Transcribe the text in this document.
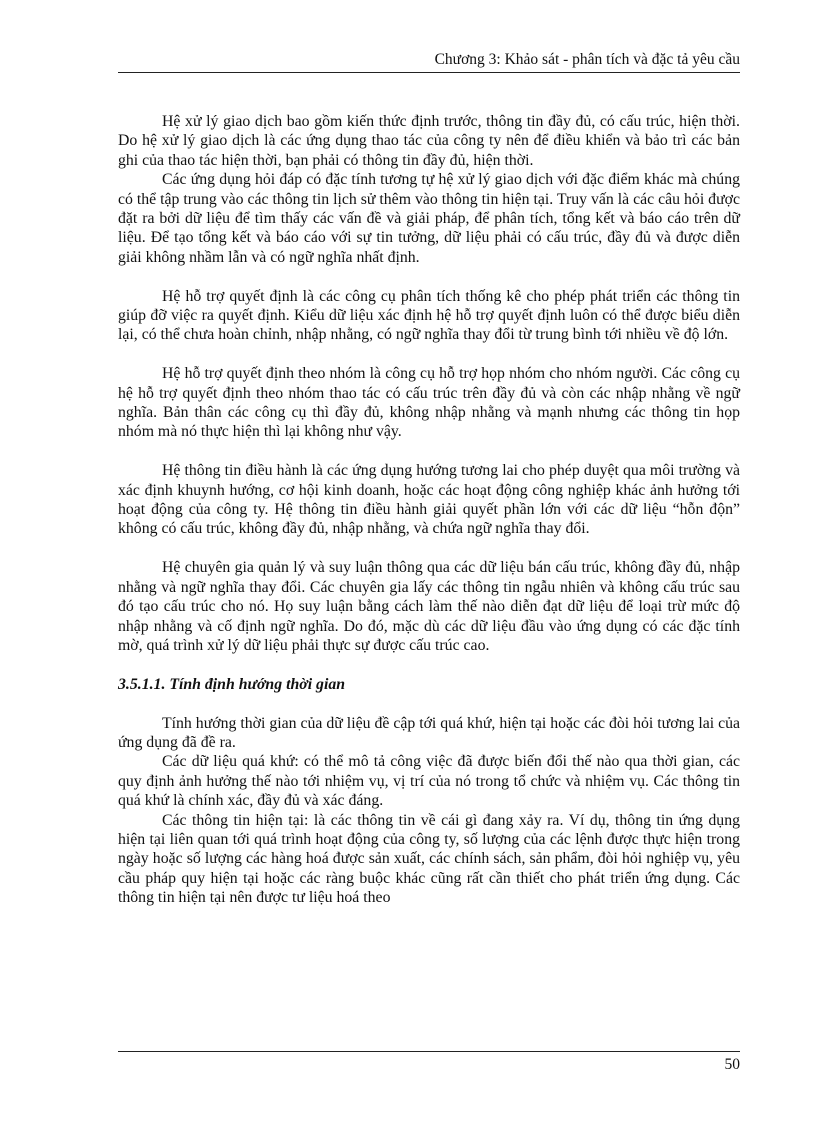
Chương 3: Khảo sát - phân tích và đặc tả yêu cầu

Hệ xử lý giao dịch bao gồm kiến thức định trước, thông tin đầy đủ, có cấu trúc, hiện thời. Do hệ xử lý giao dịch là các ứng dụng thao tác của công ty nên để điều khiển và bảo trì các bản ghi của thao tác hiện thời, bạn phải có thông tin đầy đủ, hiện thời.

Các ứng dụng hỏi đáp có đặc tính tương tự hệ xử lý giao dịch với đặc điểm khác mà chúng có thể tập trung vào các thông tin lịch sử thêm vào thông tin hiện tại. Truy vấn là các câu hỏi được đặt ra bởi dữ liệu để tìm thấy các vấn đề và giải pháp, để phân tích, tổng kết và báo cáo trên dữ liệu. Để tạo tổng kết và báo cáo với sự tin tưởng, dữ liệu phải có cấu trúc, đầy đủ và được diễn giải không nhầm lẫn và có ngữ nghĩa nhất định.

Hệ hỗ trợ quyết định là các công cụ phân tích thống kê cho phép phát triển các thông tin giúp đỡ việc ra quyết định. Kiểu dữ liệu xác định hệ hỗ trợ quyết định luôn có thể được biểu diễn lại, có thể chưa hoàn chỉnh, nhập nhằng, có ngữ nghĩa thay đổi từ trung bình tới nhiều về độ lớn.

Hệ hỗ trợ quyết định theo nhóm là công cụ hỗ trợ họp nhóm cho nhóm người. Các công cụ hệ hỗ trợ quyết định theo nhóm thao tác có cấu trúc trên đầy đủ và còn các nhập nhằng về ngữ nghĩa. Bản thân các công cụ thì đầy đủ, không nhập nhằng và mạnh nhưng các thông tin họp nhóm mà nó thực hiện thì lại không như vậy.

Hệ thông tin điều hành là các ứng dụng hướng tương lai cho phép duyệt qua môi trường và xác định khuynh hướng, cơ hội kinh doanh, hoặc các hoạt động công nghiệp khác ảnh hưởng tới hoạt động của công ty. Hệ thông tin điều hành giải quyết phần lớn với các dữ liệu “hỗn độn” không có cấu trúc, không đầy đủ, nhập nhằng, và chứa ngữ nghĩa thay đổi.

Hệ chuyên gia quản lý và suy luận thông qua các dữ liệu bán cấu trúc, không đầy đủ, nhập nhằng và ngữ nghĩa thay đổi. Các chuyên gia lấy các thông tin ngẫu nhiên và không cấu trúc sau đó tạo cấu trúc cho nó. Họ suy luận bằng cách làm thế nào diễn đạt dữ liệu để loại trừ mức độ nhập nhằng và cố định ngữ nghĩa. Do đó, mặc dù các dữ liệu đầu vào ứng dụng có các đặc tính mờ, quá trình xử lý dữ liệu phải thực sự được cấu trúc cao.

3.5.1.1. Tính định hướng thời gian

Tính hướng thời gian của dữ liệu đề cập tới quá khứ, hiện tại hoặc các đòi hỏi tương lai của ứng dụng đã đề ra.

Các dữ liệu quá khứ: có thể mô tả công việc đã được biến đổi thế nào qua thời gian, các quy định ảnh hưởng thế nào tới nhiệm vụ, vị trí của nó trong tổ chức và nhiệm vụ. Các thông tin quá khứ là chính xác, đầy đủ và xác đáng.

Các thông tin hiện tại: là các thông tin về cái gì đang xảy ra. Ví dụ, thông tin ứng dụng hiện tại liên quan tới quá trình hoạt động của công ty, số lượng của các lệnh được thực hiện trong ngày hoặc số lượng các hàng hoá được sản xuất, các chính sách, sản phẩm, đòi hỏi nghiệp vụ, yêu cầu pháp quy hiện tại hoặc các ràng buộc khác cũng rất cần thiết cho phát triển ứng dụng. Các thông tin hiện tại nên được tư liệu hoá theo

50
